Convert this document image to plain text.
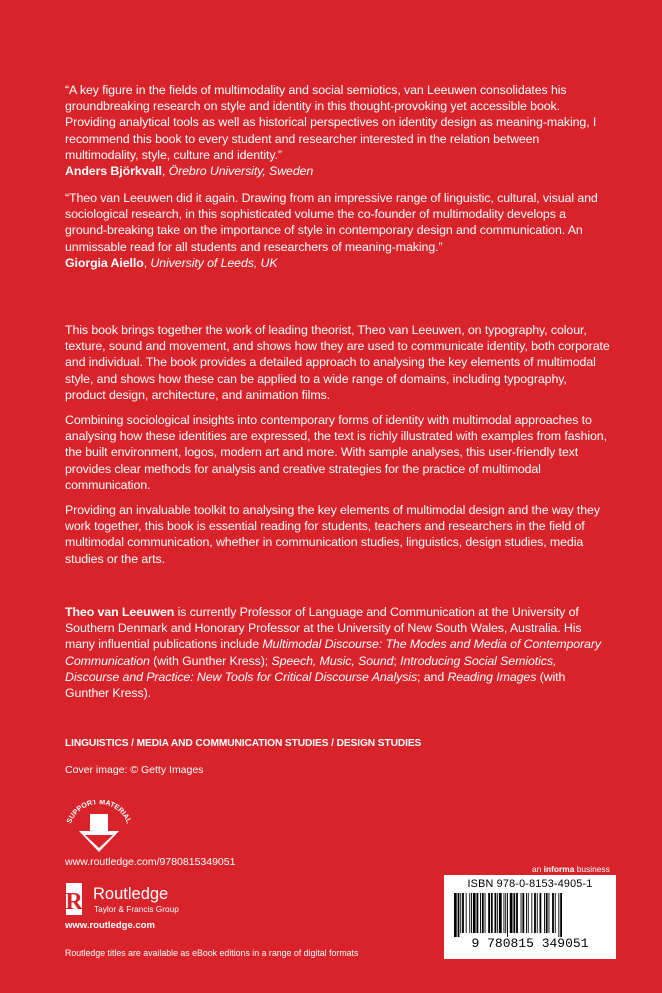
“A key figure in the fields of multimodality and social semiotics, van Leeuwen consolidates his groundbreaking research on style and identity in this thought-provoking yet accessible book. Providing analytical tools as well as historical perspectives on identity design as meaning-making, I recommend this book to every student and researcher interested in the relation between multimodality, style, culture and identity.”

Anders Björkvall, Örebro University, Sweden

“Theo van Leeuwen did it again. Drawing from an impressive range of linguistic, cultural, visual and sociological research, in this sophisticated volume the co-founder of multimodality develops a ground-breaking take on the importance of style in contemporary design and communication. An unmissable read for all students and researchers of meaning-making.”

Giorgia Aiello, University of Leeds, UK

This book brings together the work of leading theorist, Theo van Leeuwen, on typography, colour, texture, sound and movement, and shows how they are used to communicate identity, both corporate and individual. The book provides a detailed approach to analysing the key elements of multimodal style, and shows how these can be applied to a wide range of domains, including typography, product design, architecture, and animation films.

Combining sociological insights into contemporary forms of identity with multimodal approaches to analysing how these identities are expressed, the text is richly illustrated with examples from fashion, the built environment, logos, modern art and more. With sample analyses, this user-friendly text provides clear methods for analysis and creative strategies for the practice of multimodal communication.

Providing an invaluable toolkit to analysing the key elements of multimodal design and the way they work together, this book is essential reading for students, teachers and researchers in the field of multimodal communication, whether in communication studies, linguistics, design studies, media studies or the arts.

Theo van Leeuwen is currently Professor of Language and Communication at the University of Southern Denmark and Honorary Professor at the University of New South Wales, Australia. His many influential publications include Multimodal Discourse: The Modes and Media of Contemporary Communication (with Gunther Kress); Speech, Music, Sound; Introducing Social Semiotics, Discourse and Practice: New Tools for Critical Discourse Analysis; and Reading Images (with Gunther Kress).

LINGUISTICS / MEDIA AND COMMUNICATION STUDIES / DESIGN STUDIES
Cover image: © Getty Images
SUPPORT MATERIAL
www.routledge.com/9780815349051
R Routledge
Taylor & Francis Group
www.routledge.com
Routledge titles are available as eBook editions in a range of digital formats
an informa business
ISBN 978-0-8153-4905-1
9 780815 349051
